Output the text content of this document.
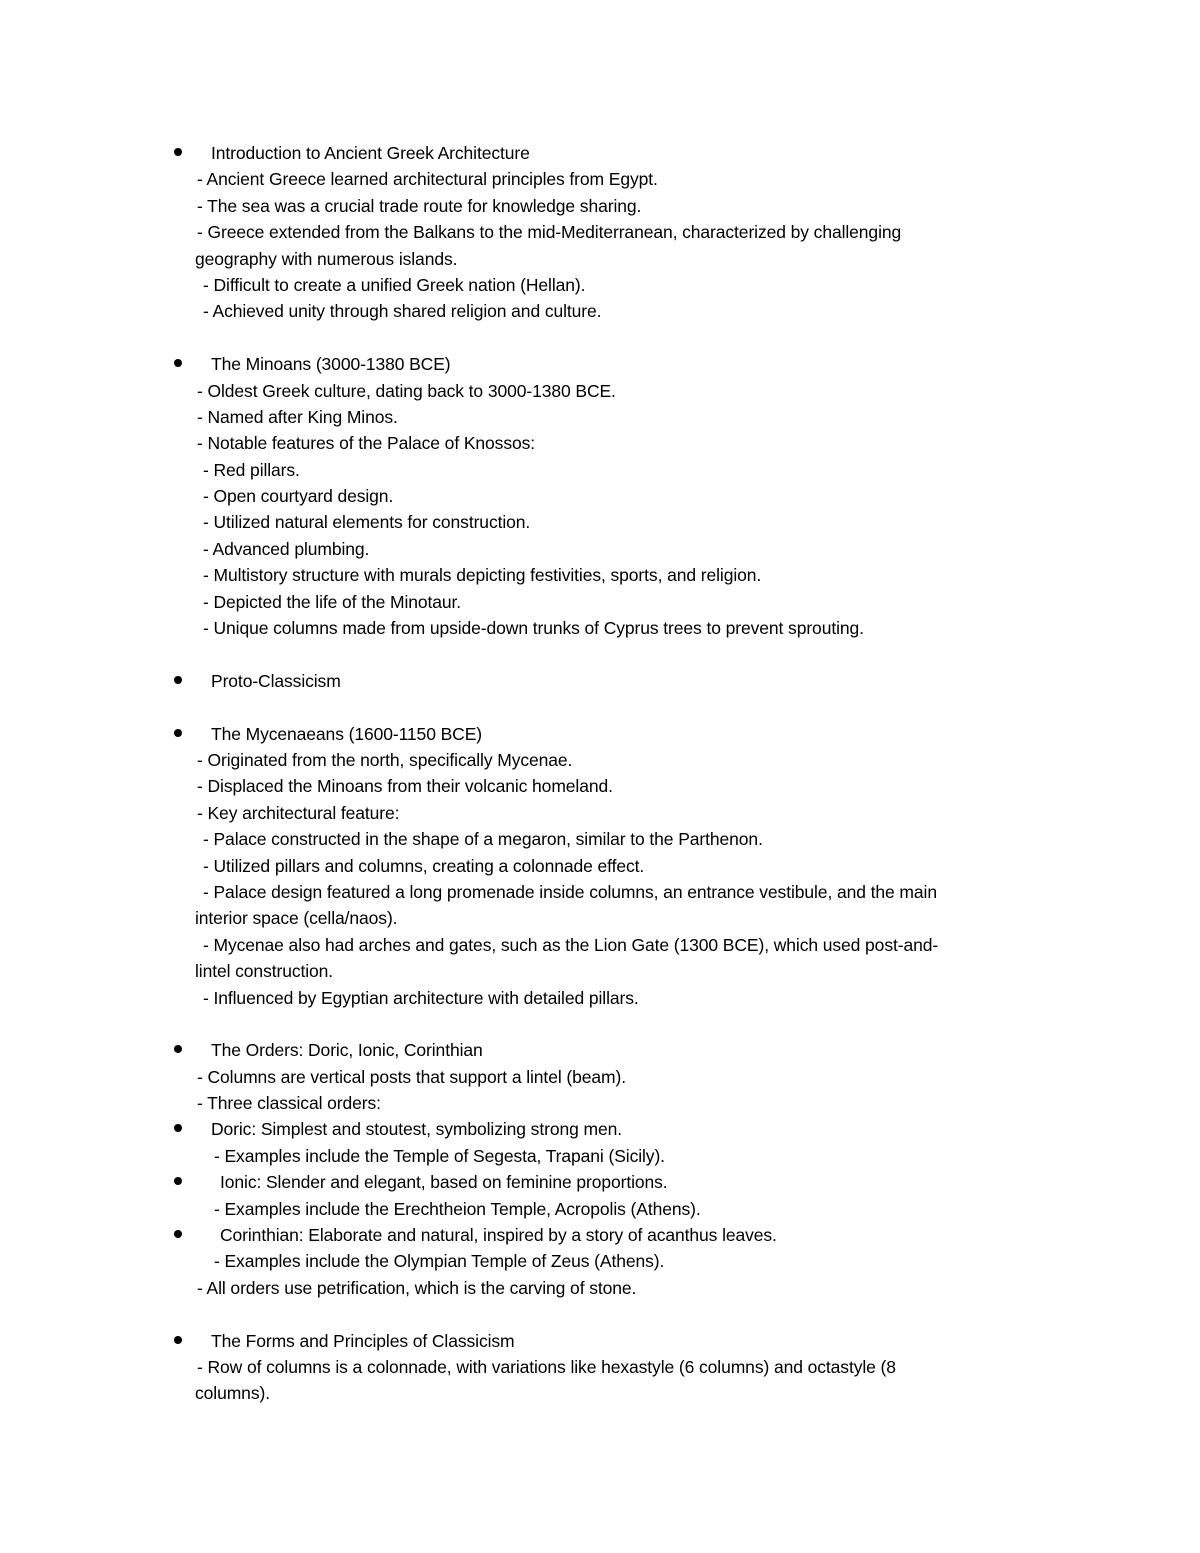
Introduction to Ancient Greek Architecture
- Ancient Greece learned architectural principles from Egypt.
- The sea was a crucial trade route for knowledge sharing.
- Greece extended from the Balkans to the mid-Mediterranean, characterized by challenging
geography with numerous islands.
- Difficult to create a unified Greek nation (Hellan).
- Achieved unity through shared religion and culture.
The Minoans (3000-1380 BCE)
- Oldest Greek culture, dating back to 3000-1380 BCE.
- Named after King Minos.
- Notable features of the Palace of Knossos:
- Red pillars.
- Open courtyard design.
- Utilized natural elements for construction.
- Advanced plumbing.
- Multistory structure with murals depicting festivities, sports, and religion.
- Depicted the life of the Minotaur.
- Unique columns made from upside-down trunks of Cyprus trees to prevent sprouting.
Proto-Classicism
The Mycenaeans (1600-1150 BCE)
- Originated from the north, specifically Mycenae.
- Displaced the Minoans from their volcanic homeland.
- Key architectural feature:
- Palace constructed in the shape of a megaron, similar to the Parthenon.
- Utilized pillars and columns, creating a colonnade effect.
- Palace design featured a long promenade inside columns, an entrance vestibule, and the main
interior space (cella/naos).
- Mycenae also had arches and gates, such as the Lion Gate (1300 BCE), which used post-and-
lintel construction.
- Influenced by Egyptian architecture with detailed pillars.
The Orders: Doric, Ionic, Corinthian
- Columns are vertical posts that support a lintel (beam).
- Three classical orders:
Doric: Simplest and stoutest, symbolizing strong men.
- Examples include the Temple of Segesta, Trapani (Sicily).
Ionic: Slender and elegant, based on feminine proportions.
- Examples include the Erechtheion Temple, Acropolis (Athens).
Corinthian: Elaborate and natural, inspired by a story of acanthus leaves.
- Examples include the Olympian Temple of Zeus (Athens).
- All orders use petrification, which is the carving of stone.
The Forms and Principles of Classicism
- Row of columns is a colonnade, with variations like hexastyle (6 columns) and octastyle (8
columns).
